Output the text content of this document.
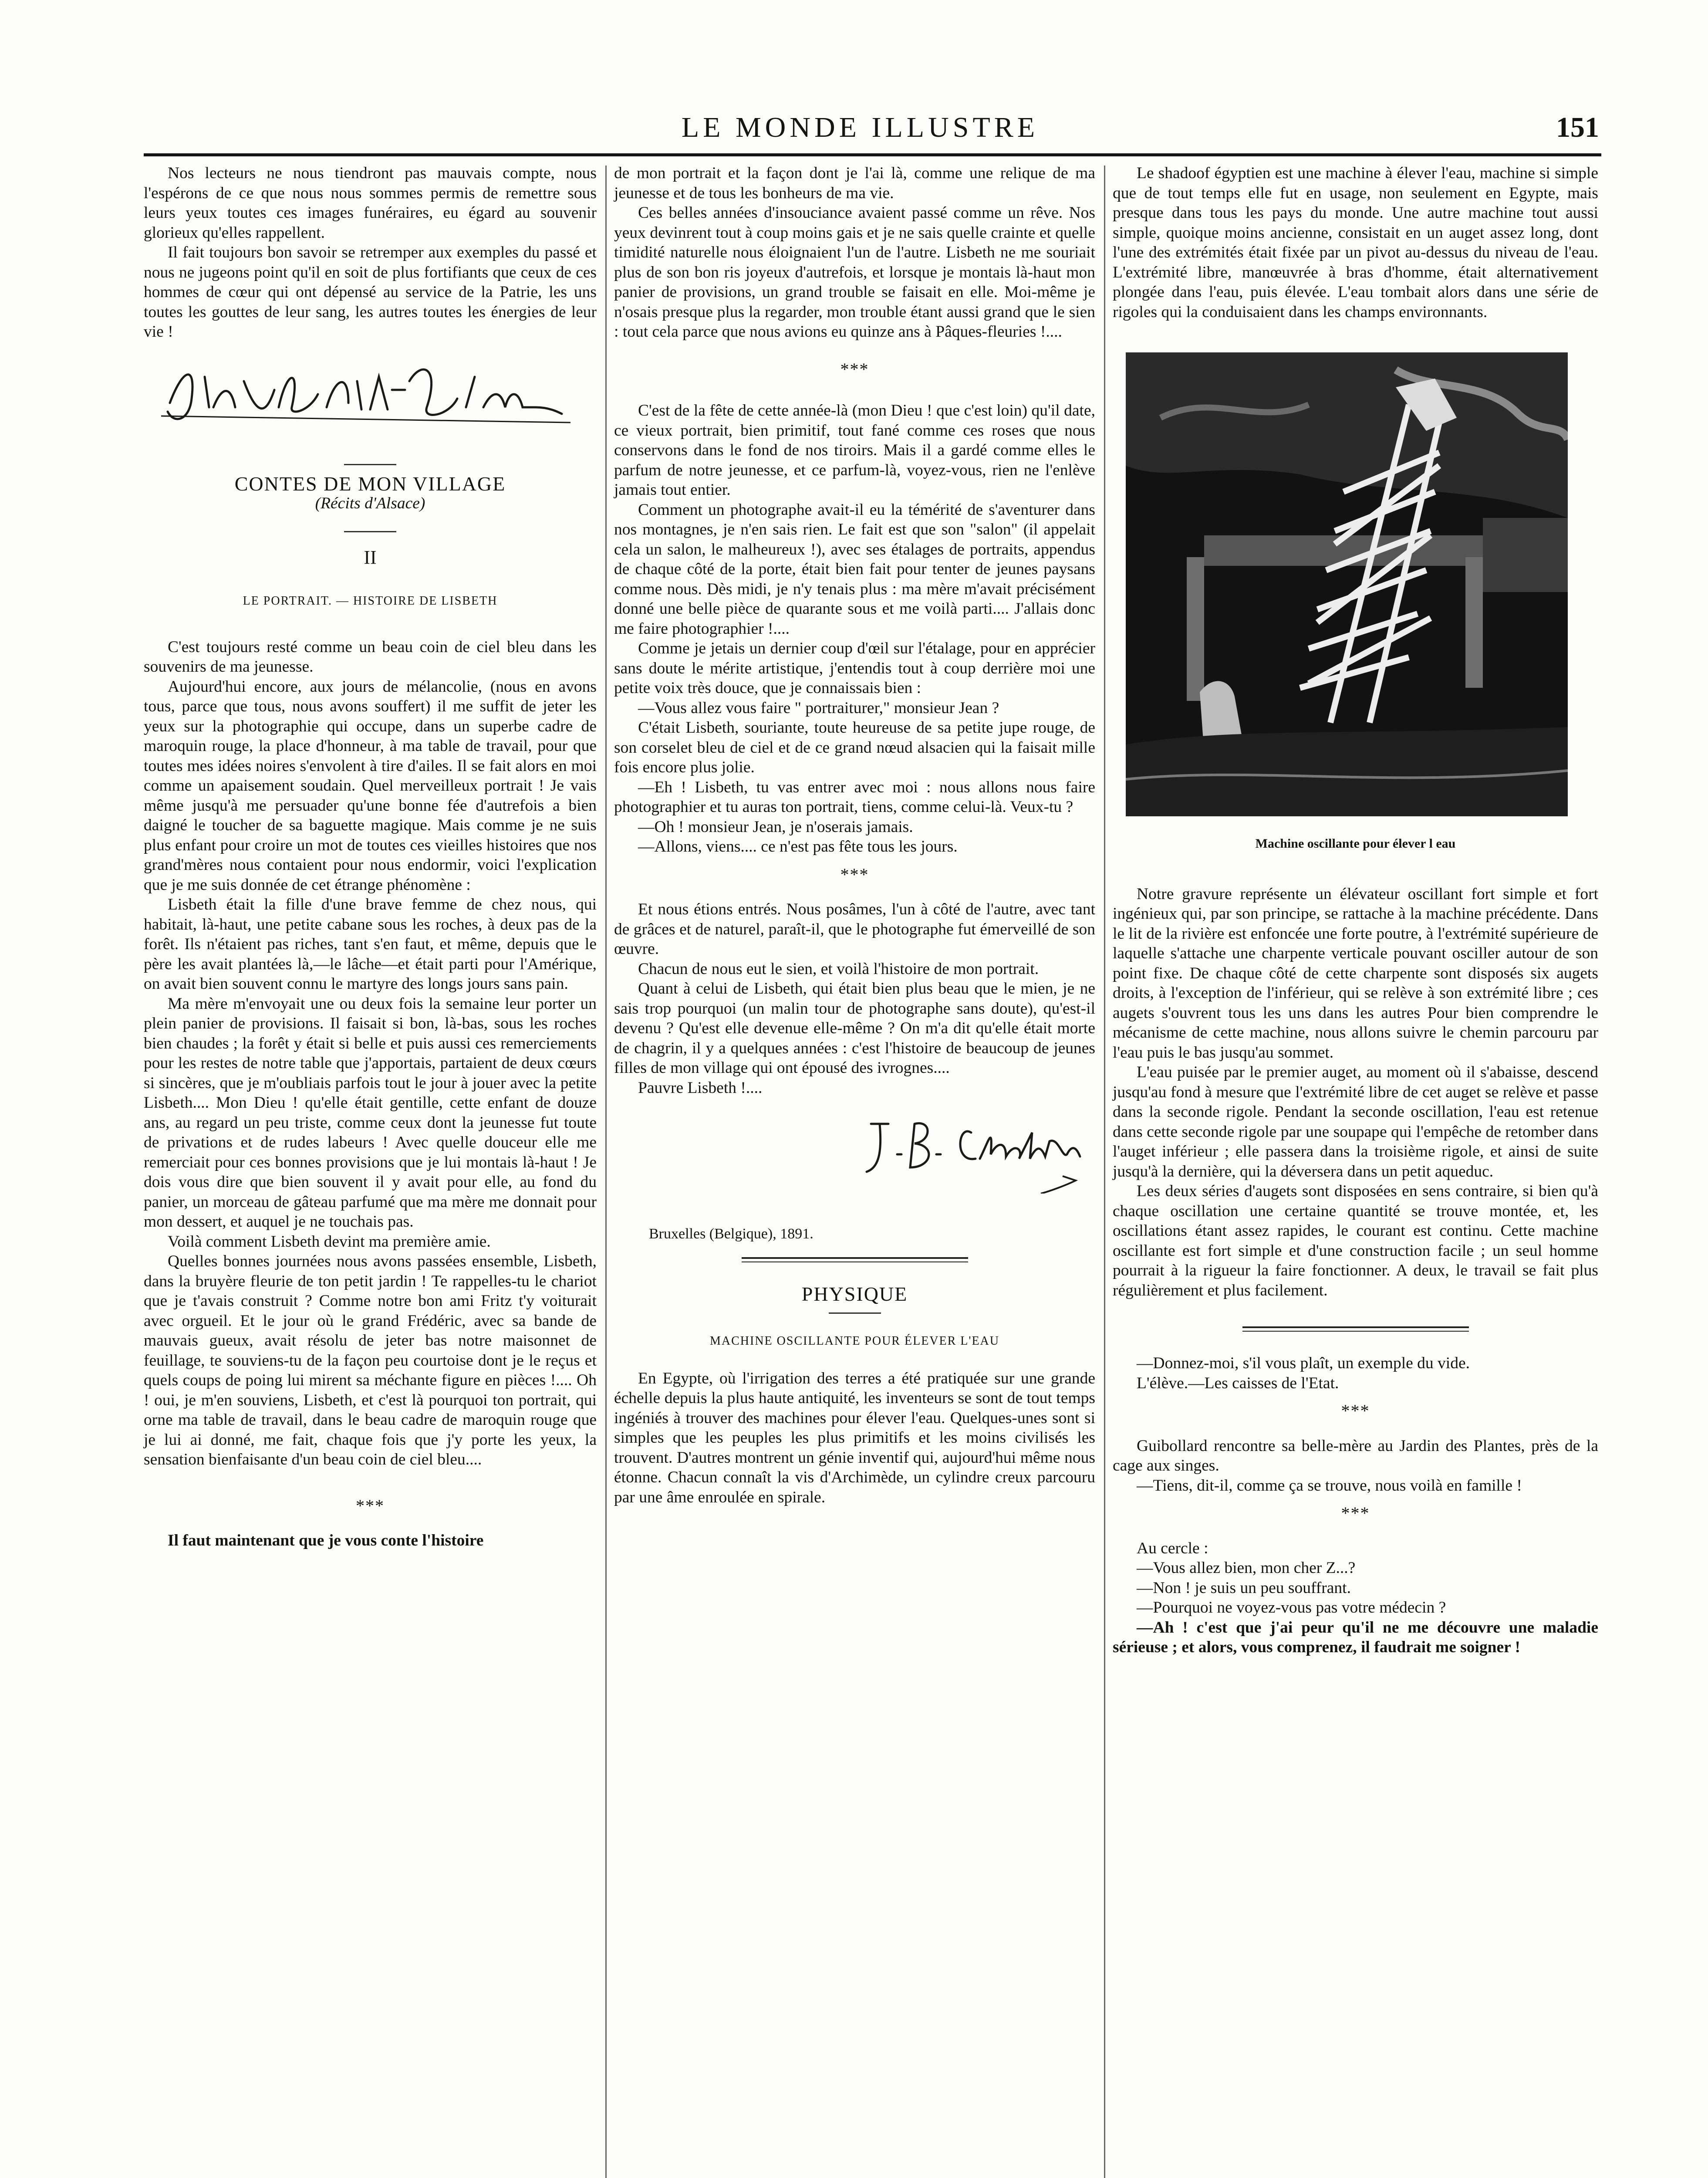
LE MONDE ILLUSTRE	151

Nos lecteurs ne nous tiendront pas mauvais compte, nous l'espérons de ce que nous nous sommes permis de remettre sous leurs yeux toutes ces images funéraires, eu égard au souvenir glorieux qu'elles rappellent.

Il fait toujours bon savoir se retremper aux exemples du passé et nous ne jugeons point qu'il en soit de plus fortifiants que ceux de ces hommes de cœur qui ont dépensé au service de la Patrie, les uns toutes les gouttes de leur sang, les autres toutes les énergies de leur vie !

CONTES DE MON VILLAGE
(Récits d'Alsace)
II
LE PORTRAIT. — HISTOIRE DE LISBETH

C'est toujours resté comme un beau coin de ciel bleu dans les souvenirs de ma jeunesse.

Aujourd'hui encore, aux jours de mélancolie, (nous en avons tous, parce que tous, nous avons souffert) il me suffit de jeter les yeux sur la photographie qui occupe, dans un superbe cadre de maroquin rouge, la place d'honneur, à ma table de travail, pour que toutes mes idées noires s'envolent à tire d'ailes. Il se fait alors en moi comme un apaisement soudain. Quel merveilleux portrait ! Je vais même jusqu'à me persuader qu'une bonne fée d'autrefois a bien daigné le toucher de sa baguette magique. Mais comme je ne suis plus enfant pour croire un mot de toutes ces vieilles histoires que nos grand'mères nous contaient pour nous endormir, voici l'explication que je me suis donnée de cet étrange phénomène :

Lisbeth était la fille d'une brave femme de chez nous, qui habitait, là-haut, une petite cabane sous les roches, à deux pas de la forêt. Ils n'étaient pas riches, tant s'en faut, et même, depuis que le père les avait plantées là,—le lâche—et était parti pour l'Amérique, on avait bien souvent connu le martyre des longs jours sans pain.

Ma mère m'envoyait une ou deux fois la semaine leur porter un plein panier de provisions. Il faisait si bon, là-bas, sous les roches bien chaudes ; la forêt y était si belle et puis aussi ces remerciements pour les restes de notre table que j'apportais, partaient de deux cœurs si sincères, que je m'oubliais parfois tout le jour à jouer avec la petite Lisbeth.... Mon Dieu ! qu'elle était gentille, cette enfant de douze ans, au regard un peu triste, comme ceux dont la jeunesse fut toute de privations et de rudes labeurs ! Avec quelle douceur elle me remerciait pour ces bonnes provisions que je lui montais là-haut ! Je dois vous dire que bien souvent il y avait pour elle, au fond du panier, un morceau de gâteau parfumé que ma mère me donnait pour mon dessert, et auquel je ne touchais pas.

Voilà comment Lisbeth devint ma première amie.

Quelles bonnes journées nous avons passées ensemble, Lisbeth, dans la bruyère fleurie de ton petit jardin ! Te rappelles-tu le chariot que je t'avais construit ? Comme notre bon ami Fritz t'y voiturait avec orgueil. Et le jour où le grand Frédéric, avec sa bande de mauvais gueux, avait résolu de jeter bas notre maisonnet de feuillage, te souviens-tu de la façon peu courtoise dont je le reçus et quels coups de poing lui mirent sa méchante figure en pièces !.... Oh ! oui, je m'en souviens, Lisbeth, et c'est là pourquoi ton portrait, qui orne ma table de travail, dans le beau cadre de maroquin rouge que je lui ai donné, me fait, chaque fois que j'y porte les yeux, la sensation bienfaisante d'un beau coin de ciel bleu....

***

Il faut maintenant que je vous conte l'histoire

de mon portrait et la façon dont je l'ai là, comme une relique de ma jeunesse et de tous les bonheurs de ma vie.

Ces belles années d'insouciance avaient passé comme un rêve. Nos yeux devinrent tout à coup moins gais et je ne sais quelle crainte et quelle timidité naturelle nous éloignaient l'un de l'autre. Lisbeth ne me souriait plus de son bon ris joyeux d'autrefois, et lorsque je montais là-haut mon panier de provisions, un grand trouble se faisait en elle. Moi-même je n'osais presque plus la regarder, mon trouble étant aussi grand que le sien : tout cela parce que nous avions eu quinze ans à Pâques-fleuries !....

***

C'est de la fête de cette année-là (mon Dieu ! que c'est loin) qu'il date, ce vieux portrait, bien primitif, tout fané comme ces roses que nous conservons dans le fond de nos tiroirs. Mais il a gardé comme elles le parfum de notre jeunesse, et ce parfum-là, voyez-vous, rien ne l'enlève jamais tout entier.

Comment un photographe avait-il eu la témérité de s'aventurer dans nos montagnes, je n'en sais rien. Le fait est que son "salon" (il appelait cela un salon, le malheureux !), avec ses étalages de portraits, appendus de chaque côté de la porte, était bien fait pour tenter de jeunes paysans comme nous. Dès midi, je n'y tenais plus : ma mère m'avait précisément donné une belle pièce de quarante sous et me voilà parti.... J'allais donc me faire photographier !....

Comme je jetais un dernier coup d'œil sur l'étalage, pour en apprécier sans doute le mérite artistique, j'entendis tout à coup derrière moi une petite voix très douce, que je connaissais bien :

—Vous allez vous faire " portraiturer," monsieur Jean ?

C'était Lisbeth, souriante, toute heureuse de sa petite jupe rouge, de son corselet bleu de ciel et de ce grand nœud alsacien qui la faisait mille fois encore plus jolie.

—Eh ! Lisbeth, tu vas entrer avec moi : nous allons nous faire photographier et tu auras ton portrait, tiens, comme celui-là. Veux-tu ?

—Oh ! monsieur Jean, je n'oserais jamais.

—Allons, viens.... ce n'est pas fête tous les jours.

***

Et nous étions entrés. Nous posâmes, l'un à côté de l'autre, avec tant de grâces et de naturel, paraît-il, que le photographe fut émerveillé de son œuvre.

Chacun de nous eut le sien, et voilà l'histoire de mon portrait.

Quant à celui de Lisbeth, qui était bien plus beau que le mien, je ne sais trop pourquoi (un malin tour de photographe sans doute), qu'est-il devenu ? Qu'est elle devenue elle-même ? On m'a dit qu'elle était morte de chagrin, il y a quelques années : c'est l'histoire de beaucoup de jeunes filles de mon village qui ont épousé des ivrognes....

Pauvre Lisbeth !....

Bruxelles (Belgique), 1891.
PHYSIQUE
MACHINE OSCILLANTE POUR ÉLEVER L'EAU

En Egypte, où l'irrigation des terres a été pratiquée sur une grande échelle depuis la plus haute antiquité, les inventeurs se sont de tout temps ingéniés à trouver des machines pour élever l'eau. Quelques-unes sont si simples que les peuples les plus primitifs et les moins civilisés les trouvent. D'autres montrent un génie inventif qui, aujourd'hui même nous étonne. Chacun connaît la vis d'Archimède, un cylindre creux parcouru par une âme enroulée en spirale.

Le shadoof égyptien est une machine à élever l'eau, machine si simple que de tout temps elle fut en usage, non seulement en Egypte, mais presque dans tous les pays du monde. Une autre machine tout aussi simple, quoique moins ancienne, consistait en un auget assez long, dont l'une des extrémités était fixée par un pivot au-dessus du niveau de l'eau. L'extrémité libre, manœuvrée à bras d'homme, était alternativement plongée dans l'eau, puis élevée. L'eau tombait alors dans une série de rigoles qui la conduisaient dans les champs environnants.

Machine oscillante pour élever l eau

Notre gravure représente un élévateur oscillant fort simple et fort ingénieux qui, par son principe, se rattache à la machine précédente. Dans le lit de la rivière est enfoncée une forte poutre, à l'extrémité supérieure de laquelle s'attache une charpente verticale pouvant osciller autour de son point fixe. De chaque côté de cette charpente sont disposés six augets droits, à l'exception de l'inférieur, qui se relève à son extrémité libre ; ces augets s'ouvrent tous les uns dans les autres Pour bien comprendre le mécanisme de cette machine, nous allons suivre le chemin parcouru par l'eau puis le bas jusqu'au sommet.

L'eau puisée par le premier auget, au moment où il s'abaisse, descend jusqu'au fond à mesure que l'extrémité libre de cet auget se relève et passe dans la seconde rigole. Pendant la seconde oscillation, l'eau est retenue dans cette seconde rigole par une soupape qui l'empêche de retomber dans l'auget inférieur ; elle passera dans la troisième rigole, et ainsi de suite jusqu'à la dernière, qui la déversera dans un petit aqueduc.

Les deux séries d'augets sont disposées en sens contraire, si bien qu'à chaque oscillation une certaine quantité se trouve montée, et, les oscillations étant assez rapides, le courant est continu. Cette machine oscillante est fort simple et d'une construction facile ; un seul homme pourrait à la rigueur la faire fonctionner. A deux, le travail se fait plus régulièrement et plus facilement.

—Donnez-moi, s'il vous plaît, un exemple du vide.

L'élève.—Les caisses de l'Etat.

***

Guibollard rencontre sa belle-mère au Jardin des Plantes, près de la cage aux singes.

—Tiens, dit-il, comme ça se trouve, nous voilà en famille !

***

Au cercle :

—Vous allez bien, mon cher Z...?

—Non ! je suis un peu souffrant.

—Pourquoi ne voyez-vous pas votre médecin ?

—Ah ! c'est que j'ai peur qu'il ne me découvre une maladie sérieuse ; et alors, vous comprenez, il faudrait me soigner !
